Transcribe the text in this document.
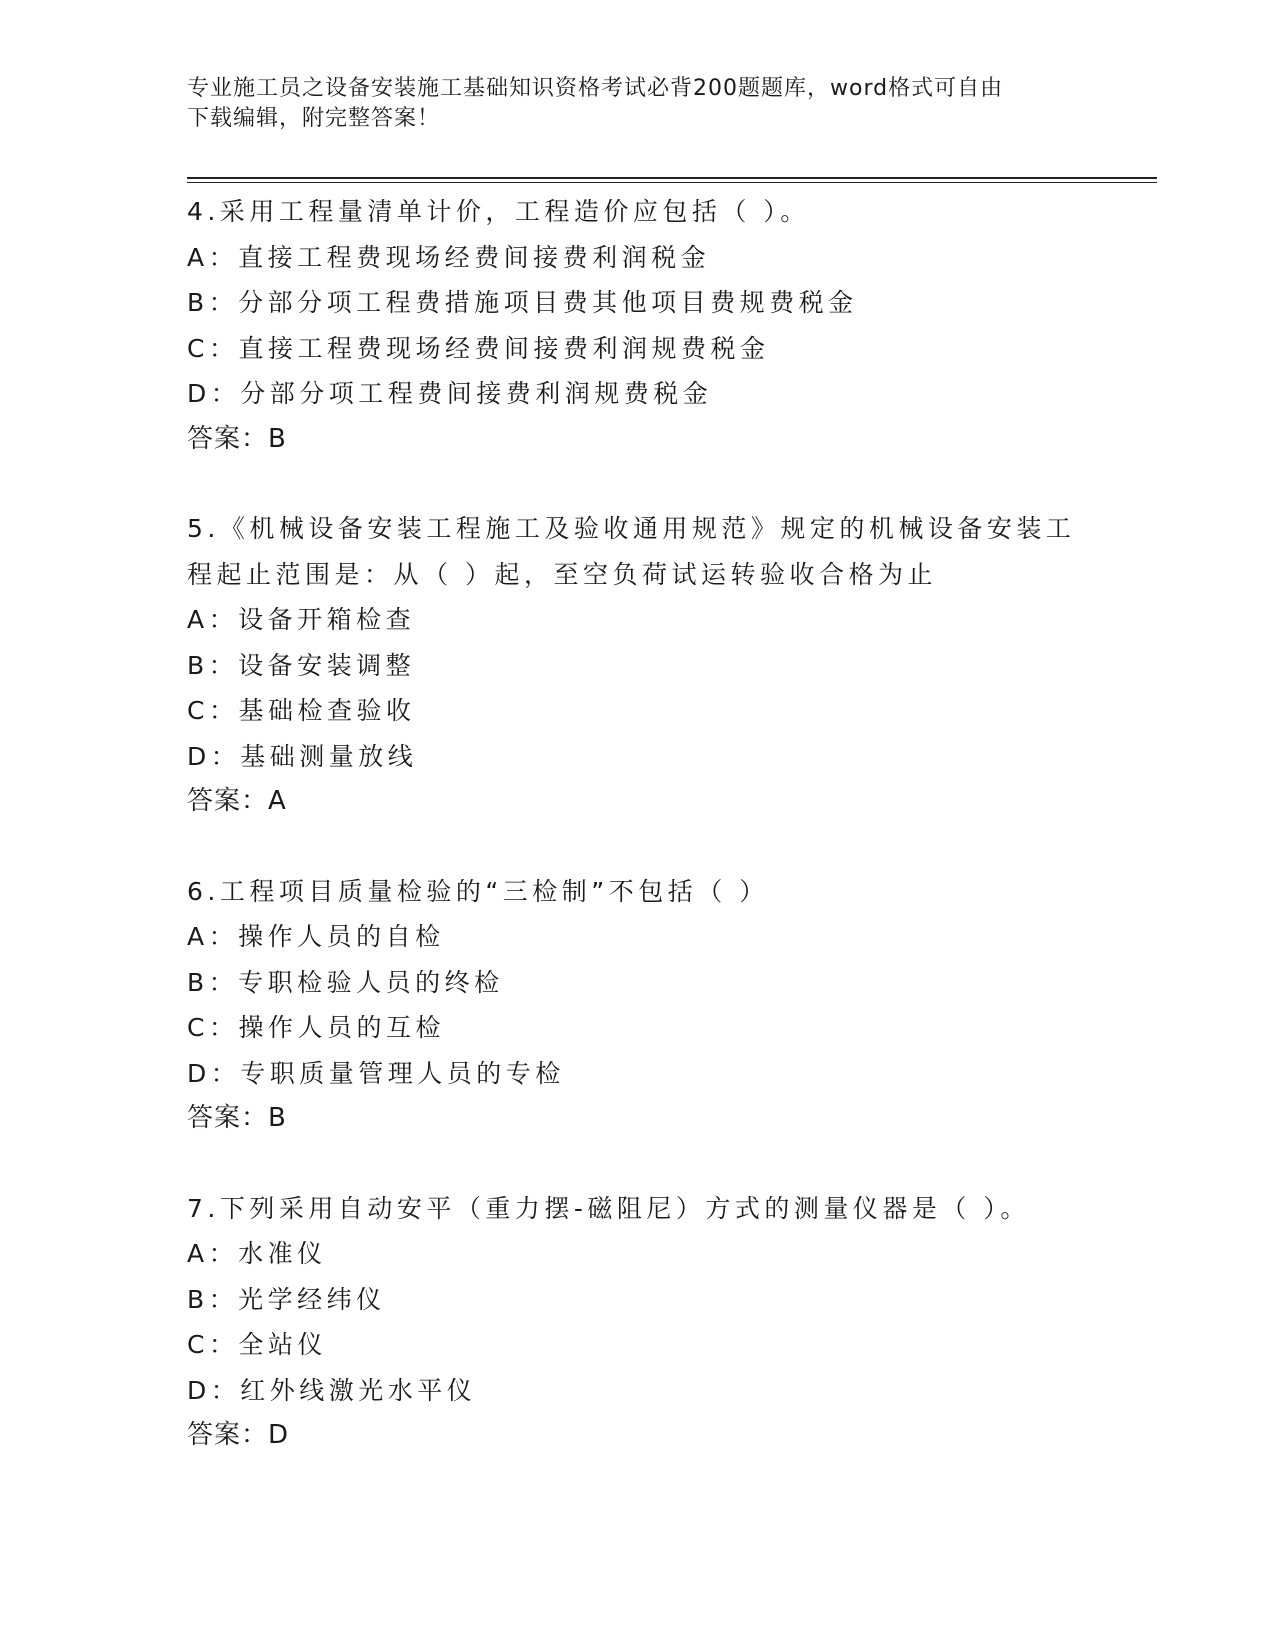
专业施工员之设备安装施工基础知识资格考试必背200题题库，word格式可自由
下载编辑，附完整答案！
4.采用工程量清单计价，工程造价应包括（ ）。
A：直接工程费现场经费间接费利润税金
B：分部分项工程费措施项目费其他项目费规费税金
C：直接工程费现场经费间接费利润规费税金
D：分部分项工程费间接费利润规费税金
答案：B
5.《机械设备安装工程施工及验收通用规范》规定的机械设备安装工
程起止范围是：从（ ）起，至空负荷试运转验收合格为止
A：设备开箱检查
B：设备安装调整
C：基础检查验收
D：基础测量放线
答案：A
6.工程项目质量检验的“三检制”不包括（ ）
A：操作人员的自检
B：专职检验人员的终检
C：操作人员的互检
D：专职质量管理人员的专检
答案：B
7.下列采用自动安平（重力摆-磁阻尼）方式的测量仪器是（ ）。
A：水准仪
B：光学经纬仪
C：全站仪
D：红外线激光水平仪
答案：D
